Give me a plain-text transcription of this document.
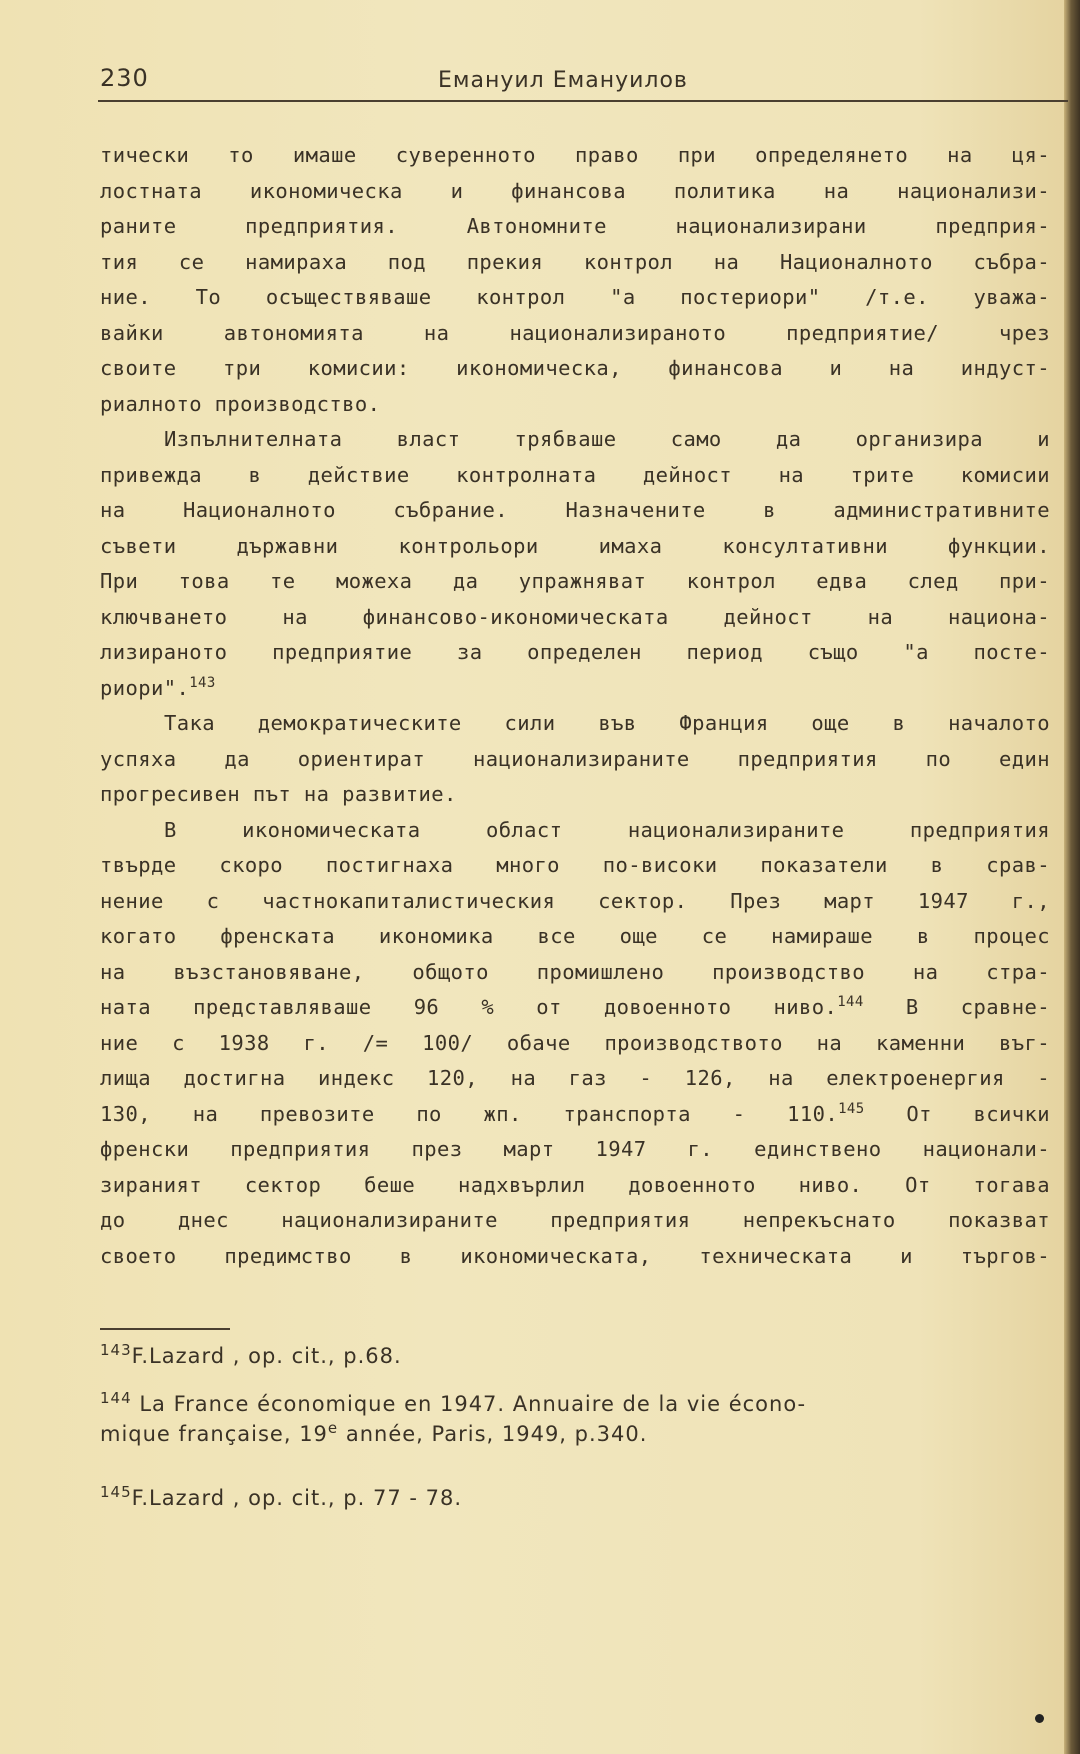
230	Емануил Емануилов
тически то имаше суверенното право при определянето на ця-
лостната икономическа и финансова политика на национализи-
раните предприятия. Автономните национализирани предприя-
тия се намираха под прекия контрол на Националното събра-
ние. То осъществяваше контрол "а постериори" /т.е. уважа-
вайки автономията на национализираното предприятие/ чрез
своите три комисии: икономическа, финансова и на индуст-
риалното производство.
Изпълнителната власт трябваше само да организира и
привежда в действие контролната дейност на трите комисии
на Националното събрание. Назначените в административните
съвети държавни контрольори имаха консултативни функции.
При това те можеха да упражняват контрол едва след при-
ключването на финансово-икономическата дейност на национа-
лизираното предприятие за определен период също "а посте-
риори".$^{143}$
Така демократическите сили във Франция още в началото
успяха да ориентират национализираните предприятия по един
прогресивен път на развитие.
В икономическата област национализираните предприятия
твърде скоро постигнаха много по-високи показатели в срав-
нение с частнокапиталистическия сектор. През март 1947 г.,
когато френската икономика все още се намираше в процес
на възстановяване, общото промишлено производство на стра-
ната представляваше 96 % от довоенното ниво.$^{144}$ В сравне-
ние с 1938 г. /= 100/ обаче производството на каменни въг-
лища достигна индекс 120, на газ - 126, на електроенергия -
130, на превозите по жп. транспорта - 110.$^{145}$ От всички
френски предприятия през март 1947 г. единствено национали-
зираният сектор беше надхвърлил довоенното ниво. От тогава
до днес национализираните предприятия непрекъснато показват
своето предимство в икономическата, техническата и търгов-
$^{143}$F.Lazard , op. cit., p.68.
$^{144}$ La France économique en 1947. Annuaire de la vie écono-
mique française, 19e année, Paris, 1949, p.340.
$^{145}$F.Lazard , op. cit., p. 77 - 78.
